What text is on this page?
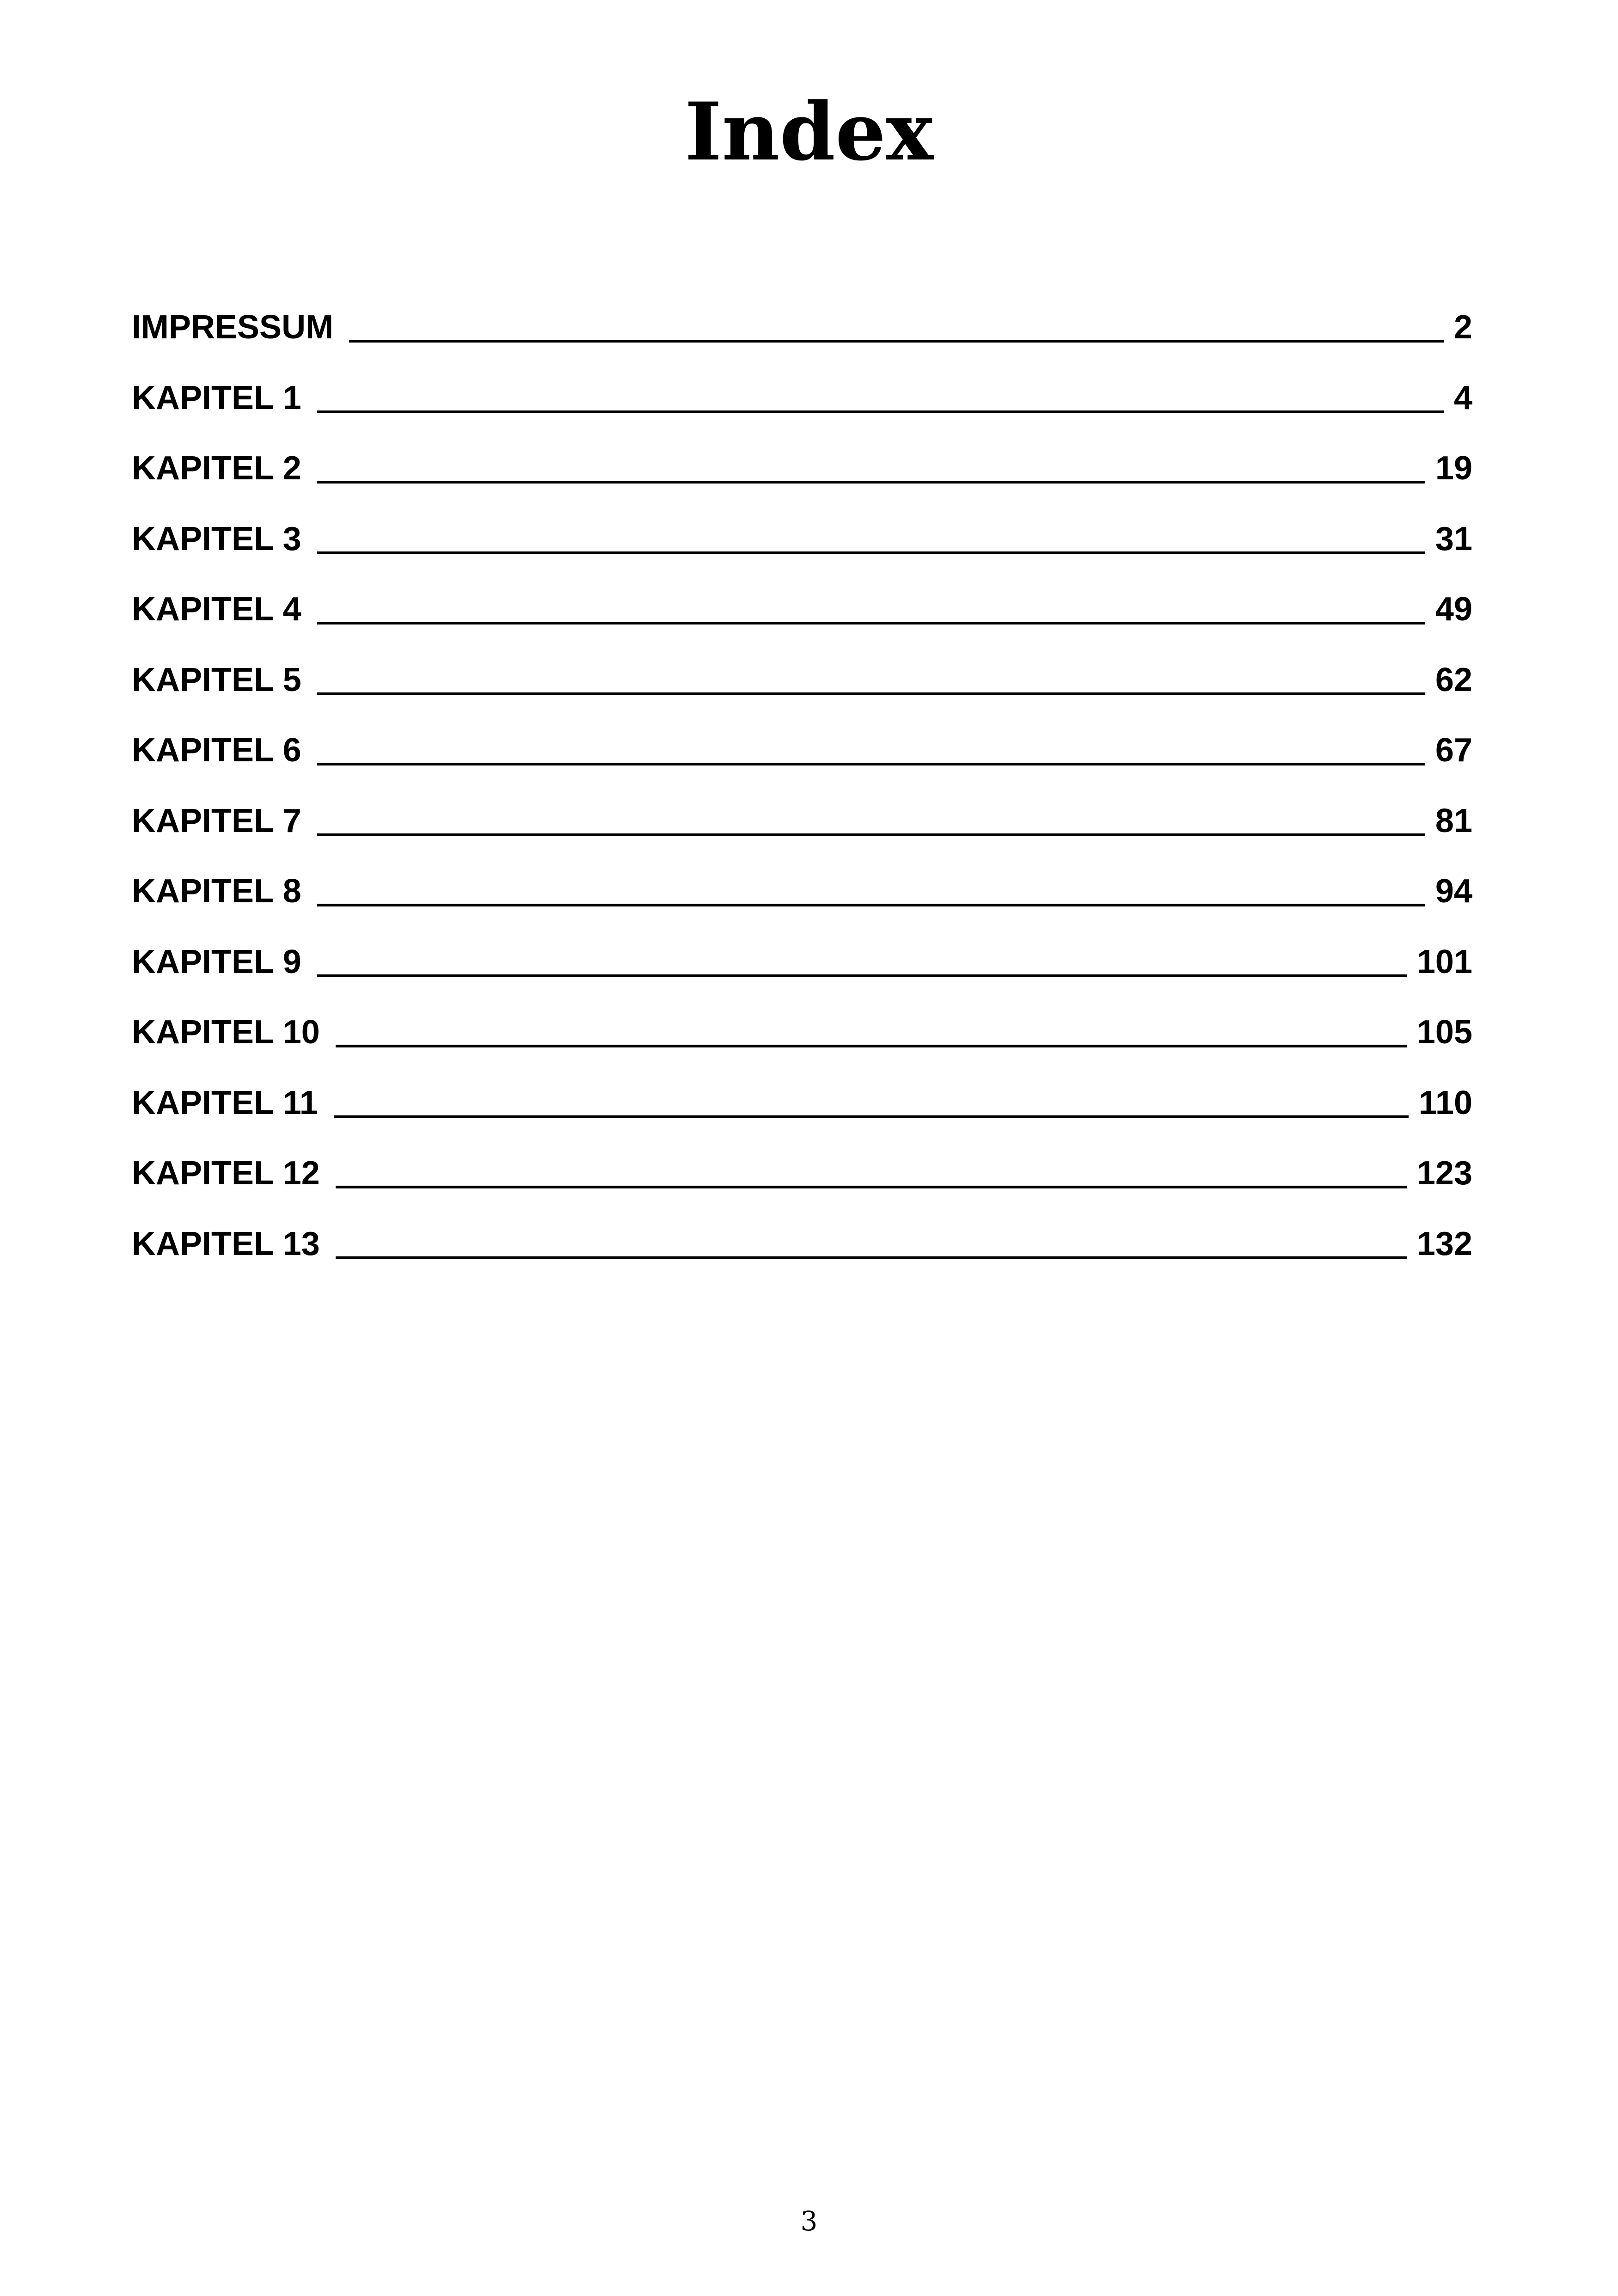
Index
IMPRESSUM	2
KAPITEL 1	4
KAPITEL 2	19
KAPITEL 3	31
KAPITEL 4	49
KAPITEL 5	62
KAPITEL 6	67
KAPITEL 7	81
KAPITEL 8	94
KAPITEL 9	101
KAPITEL 10	105
KAPITEL 11	110
KAPITEL 12	123
KAPITEL 13	132
3
